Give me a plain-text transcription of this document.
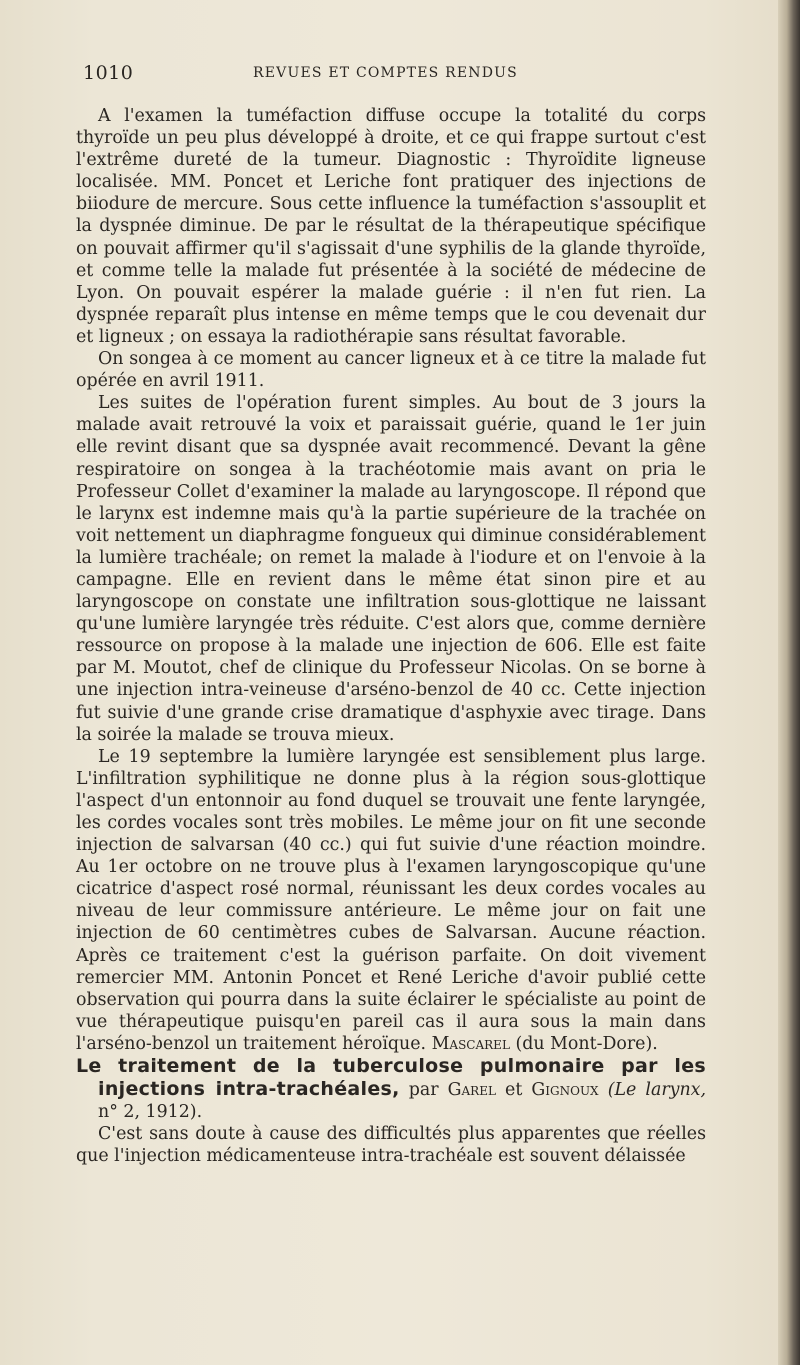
1010	REVUES ET COMPTES RENDUS

A l'examen la tuméfaction diffuse occupe la totalité du corps thyroïde un peu plus développé à droite, et ce qui frappe surtout c'est l'extrême dureté de la tumeur. Diagnostic : Thyroïdite ligneuse localisée. MM. Poncet et Leriche font pratiquer des injections de biiodure de mercure. Sous cette influence la tuméfaction s'assouplit et la dyspnée diminue. De par le résultat de la thérapeutique spécifique on pouvait affirmer qu'il s'agissait d'une syphilis de la glande thyroïde, et comme telle la malade fut présentée à la société de médecine de Lyon. On pouvait espérer la malade guérie : il n'en fut rien. La dyspnée reparaît plus intense en même temps que le cou devenait dur et ligneux ; on essaya la radiothérapie sans résultat favorable.

On songea à ce moment au cancer ligneux et à ce titre la malade fut opérée en avril 1911.

Les suites de l'opération furent simples. Au bout de 3 jours la malade avait retrouvé la voix et paraissait guérie, quand le 1er juin elle revint disant que sa dyspnée avait recommencé. Devant la gêne respiratoire on songea à la trachéotomie mais avant on pria le Professeur Collet d'examiner la malade au laryngoscope. Il répond que le larynx est indemne mais qu'à la partie supérieure de la trachée on voit nettement un diaphragme fongueux qui diminue considérablement la lumière trachéale; on remet la malade à l'iodure et on l'envoie à la campagne. Elle en revient dans le même état sinon pire et au laryngoscope on constate une infiltration sous-glottique ne laissant qu'une lumière laryngée très réduite. C'est alors que, comme dernière ressource on propose à la malade une injection de 606. Elle est faite par M. Moutot, chef de clinique du Professeur Nicolas. On se borne à une injection intra-veineuse d'arséno-benzol de 40 cc. Cette injection fut suivie d'une grande crise dramatique d'asphyxie avec tirage. Dans la soirée la malade se trouva mieux.

Le 19 septembre la lumière laryngée est sensiblement plus large. L'infiltration syphilitique ne donne plus à la région sous-glottique l'aspect d'un entonnoir au fond duquel se trouvait une fente laryngée, les cordes vocales sont très mobiles. Le même jour on fit une seconde injection de salvarsan (40 cc.) qui fut suivie d'une réaction moindre. Au 1er octobre on ne trouve plus à l'examen laryngoscopique qu'une cicatrice d'aspect rosé normal, réunissant les deux cordes vocales au niveau de leur commissure antérieure. Le même jour on fait une injection de 60 centimètres cubes de Salvarsan. Aucune réaction. Après ce traitement c'est la guérison parfaite. On doit vivement remercier MM. Antonin Poncet et René Leriche d'avoir publié cette observation qui pourra dans la suite éclairer le spécialiste au point de vue thérapeutique puisqu'en pareil cas il aura sous la main dans l'arséno-benzol un traitement héroïque. Mascarel (du Mont-Dore).

Le traitement de la tuberculose pulmonaire par les injections intra-trachéales, par Garel et Gignoux (Le larynx, n° 2, 1912).

C'est sans doute à cause des difficultés plus apparentes que réelles que l'injection médicamenteuse intra-trachéale est souvent délaissée
